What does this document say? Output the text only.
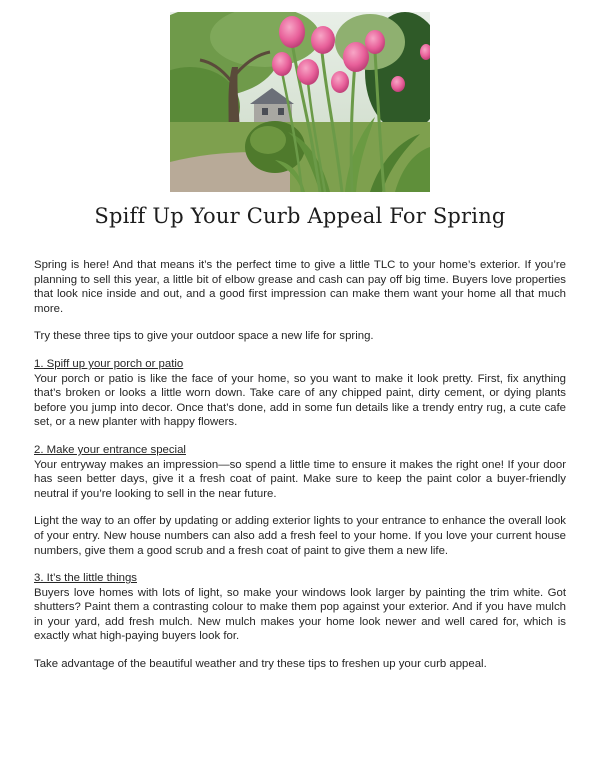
Spiff Up Your Curb Appeal For Spring

Spring is here! And that means it’s the perfect time to give a little TLC to your home’s exterior. If you’re planning to sell this year, a little bit of elbow grease and cash can pay off big time. Buyers love properties that look nice inside and out, and a good first impression can make them want your home all that much more.

Try these three tips to give your outdoor space a new life for spring.

1. Spiff up your porch or patio

Your porch or patio is like the face of your home, so you want to make it look pretty. First, fix anything that’s broken or looks a little worn down. Take care of any chipped paint, dirty cement, or dying plants before you jump into decor. Once that’s done, add in some fun details like a trendy entry rug, a cute cafe set, or a new planter with happy flowers.

2. Make your entrance special

Your entryway makes an impression—so spend a little time to ensure it makes the right one! If your door has seen better days, give it a fresh coat of paint. Make sure to keep the paint color a buyer-friendly neutral if you’re looking to sell in the near future.

Light the way to an offer by updating or adding exterior lights to your entrance to enhance the overall look of your entry. New house numbers can also add a fresh feel to your home. If you love your current house numbers, give them a good scrub and a fresh coat of paint to give them a new life.

3. It’s the little things

Buyers love homes with lots of light, so make your windows look larger by painting the trim white. Got shutters? Paint them a contrasting colour to make them pop against your exterior. And if you have mulch in your yard, add fresh mulch. New mulch makes your home look newer and well cared for, which is exactly what high-paying buyers look for.

Take advantage of the beautiful weather and try these tips to freshen up your curb appeal.
